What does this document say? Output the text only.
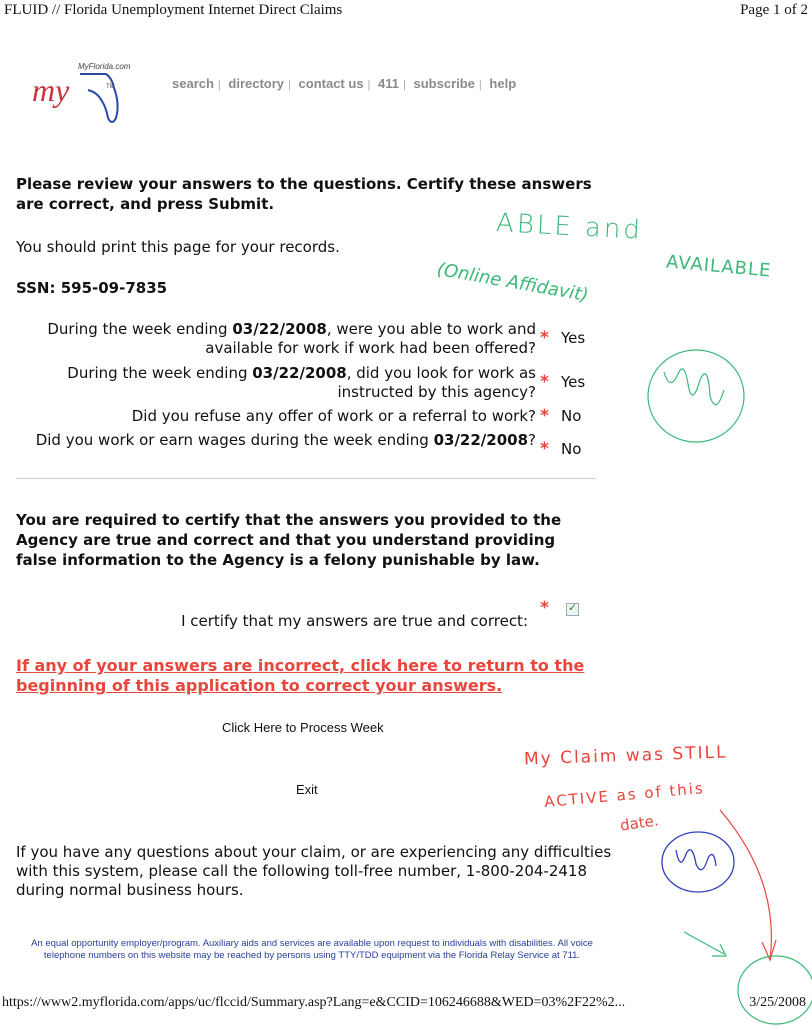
FLUID // Florida Unemployment Internet Direct Claims	Page 1 of 2
MyFlorida.com
my	TM	search | directory | contact us | 411 | subscribe | help
Please review your answers to the questions. Certify these answers are correct, and press Submit.
You should print this page for your records.
SSN: 595-09-7835
During the week ending 03/22/2008, were you able to work and available for work if work had been offered? * Yes
During the week ending 03/22/2008, did you look for work as instructed by this agency? * Yes
Did you refuse any offer of work or a referral to work? * No
Did you work or earn wages during the week ending 03/22/2008? * No
You are required to certify that the answers you provided to the Agency are true and correct and that you understand providing false information to the Agency is a felony punishable by law.
I certify that my answers are true and correct:
* ✓
If any of your answers are incorrect, click here to return to the beginning of this application to correct your answers.
Click Here to Process Week
Exit
If you have any questions about your claim, or are experiencing any difficulties with this system, please call the following toll-free number, 1-800-204-2418 during normal business hours.
An equal opportunity employer/program. Auxiliary aids and services are available upon request to individuals with disabilities. All voice telephone numbers on this website may be reached by persons using TTY/TDD equipment via the Florida Relay Service at 711.
https://www2.myflorida.com/apps/uc/flccid/Summary.asp?Lang=e&CCID=106246688&WED=03%2F22%2...	3/25/2008
ABLE and
AVAILABLE
(Online Affidavit)
My Claim was STILL
ACTIVE as of this
date.
